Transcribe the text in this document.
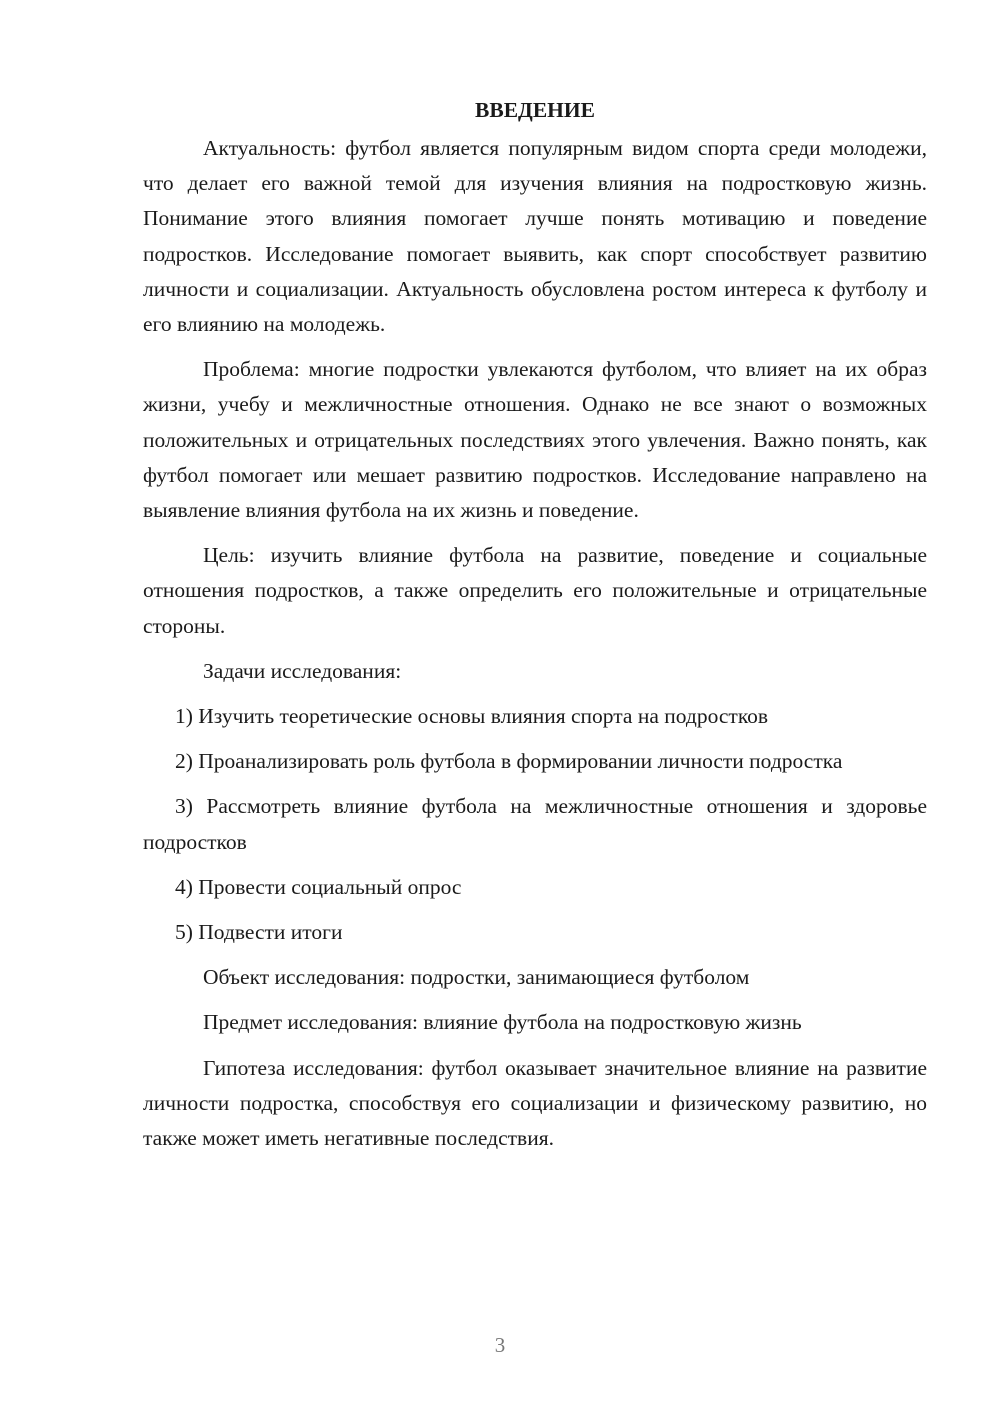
ВВЕДЕНИЕ

Актуальность: футбол является популярным видом спорта среди молодежи, что делает его важной темой для изучения влияния на подростковую жизнь. Понимание этого влияния помогает лучше понять мотивацию и поведение подростков. Исследование помогает выявить, как спорт способствует развитию личности и социализации. Актуальность обусловлена ростом интереса к футболу и его влиянию на молодежь.

Проблема: многие подростки увлекаются футболом, что влияет на их образ жизни, учебу и межличностные отношения. Однако не все знают о возможных положительных и отрицательных последствиях этого увлечения. Важно понять, как футбол помогает или мешает развитию подростков. Исследование направлено на выявление влияния футбола на их жизнь и поведение.

Цель: изучить влияние футбола на развитие, поведение и социальные отношения подростков, а также определить его положительные и отрицательные стороны.

Задачи исследования:

1) Изучить теоретические основы влияния спорта на подростков

2) Проанализировать роль футбола в формировании личности подростка

3) Рассмотреть влияние футбола на межличностные отношения и здоровье подростков

4) Провести социальный опрос

5) Подвести итоги

Объект исследования: подростки, занимающиеся футболом

Предмет исследования: влияние футбола на подростковую жизнь

Гипотеза исследования: футбол оказывает значительное влияние на развитие личности подростка, способствуя его социализации и физическому развитию, но также может иметь негативные последствия.

3
